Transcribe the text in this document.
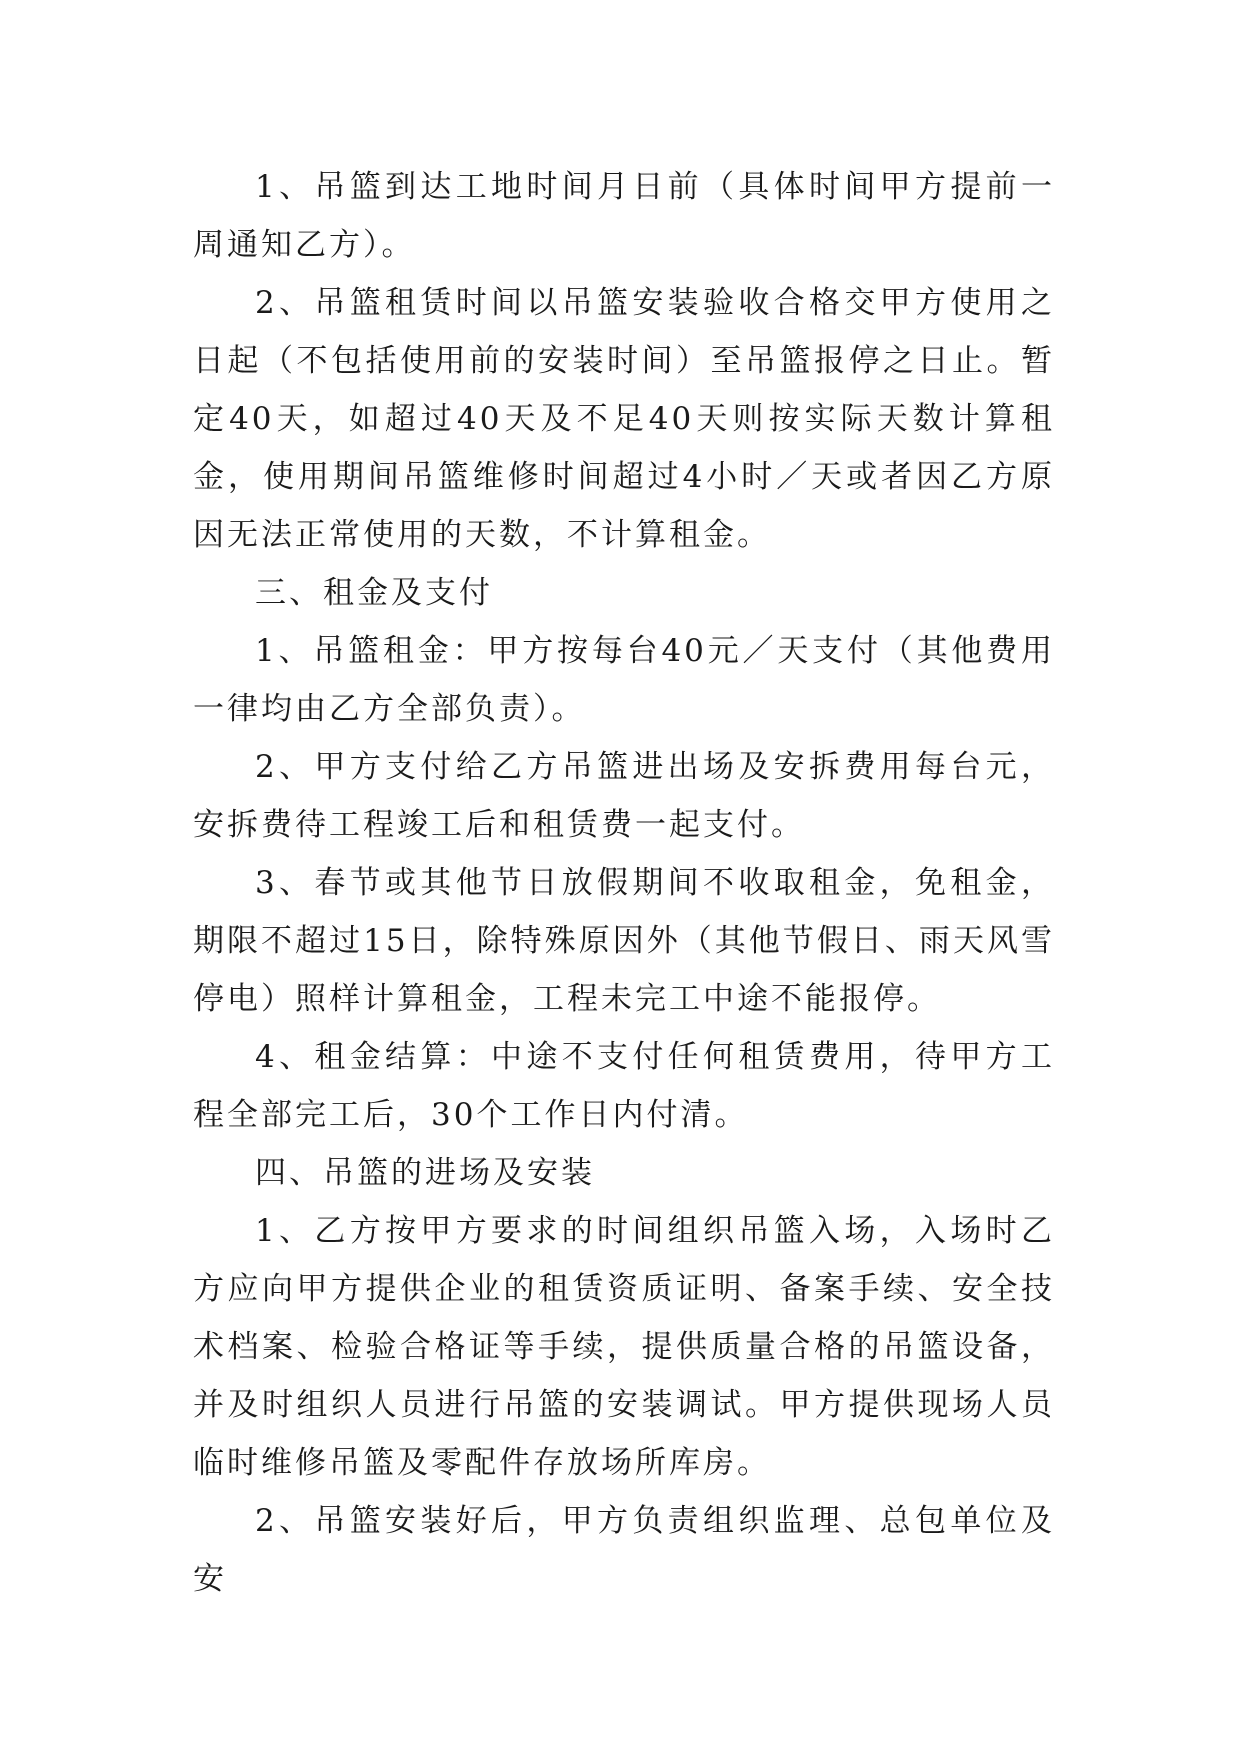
1、吊篮到达工地时间月日前（具体时间甲方提前一周通知乙方）。

2、吊篮租赁时间以吊篮安装验收合格交甲方使用之日起（不包括使用前的安装时间）至吊篮报停之日止。暂定40天，如超过40天及不足40天则按实际天数计算租金，使用期间吊篮维修时间超过4小时／天或者因乙方原因无法正常使用的天数，不计算租金。

三、租金及支付

1、吊篮租金：甲方按每台40元／天支付（其他费用一律均由乙方全部负责）。

2、甲方支付给乙方吊篮进出场及安拆费用每台元，安拆费待工程竣工后和租赁费一起支付。

3、春节或其他节日放假期间不收取租金，免租金，期限不超过15日，除特殊原因外（其他节假日、雨天风雪停电）照样计算租金，工程未完工中途不能报停。

4、租金结算：中途不支付任何租赁费用，待甲方工程全部完工后，30个工作日内付清。

四、吊篮的进场及安装

1、乙方按甲方要求的时间组织吊篮入场，入场时乙方应向甲方提供企业的租赁资质证明、备案手续、安全技术档案、检验合格证等手续，提供质量合格的吊篮设备，并及时组织人员进行吊篮的安装调试。甲方提供现场人员临时维修吊篮及零配件存放场所库房。

2、吊篮安装好后，甲方负责组织监理、总包单位及安
